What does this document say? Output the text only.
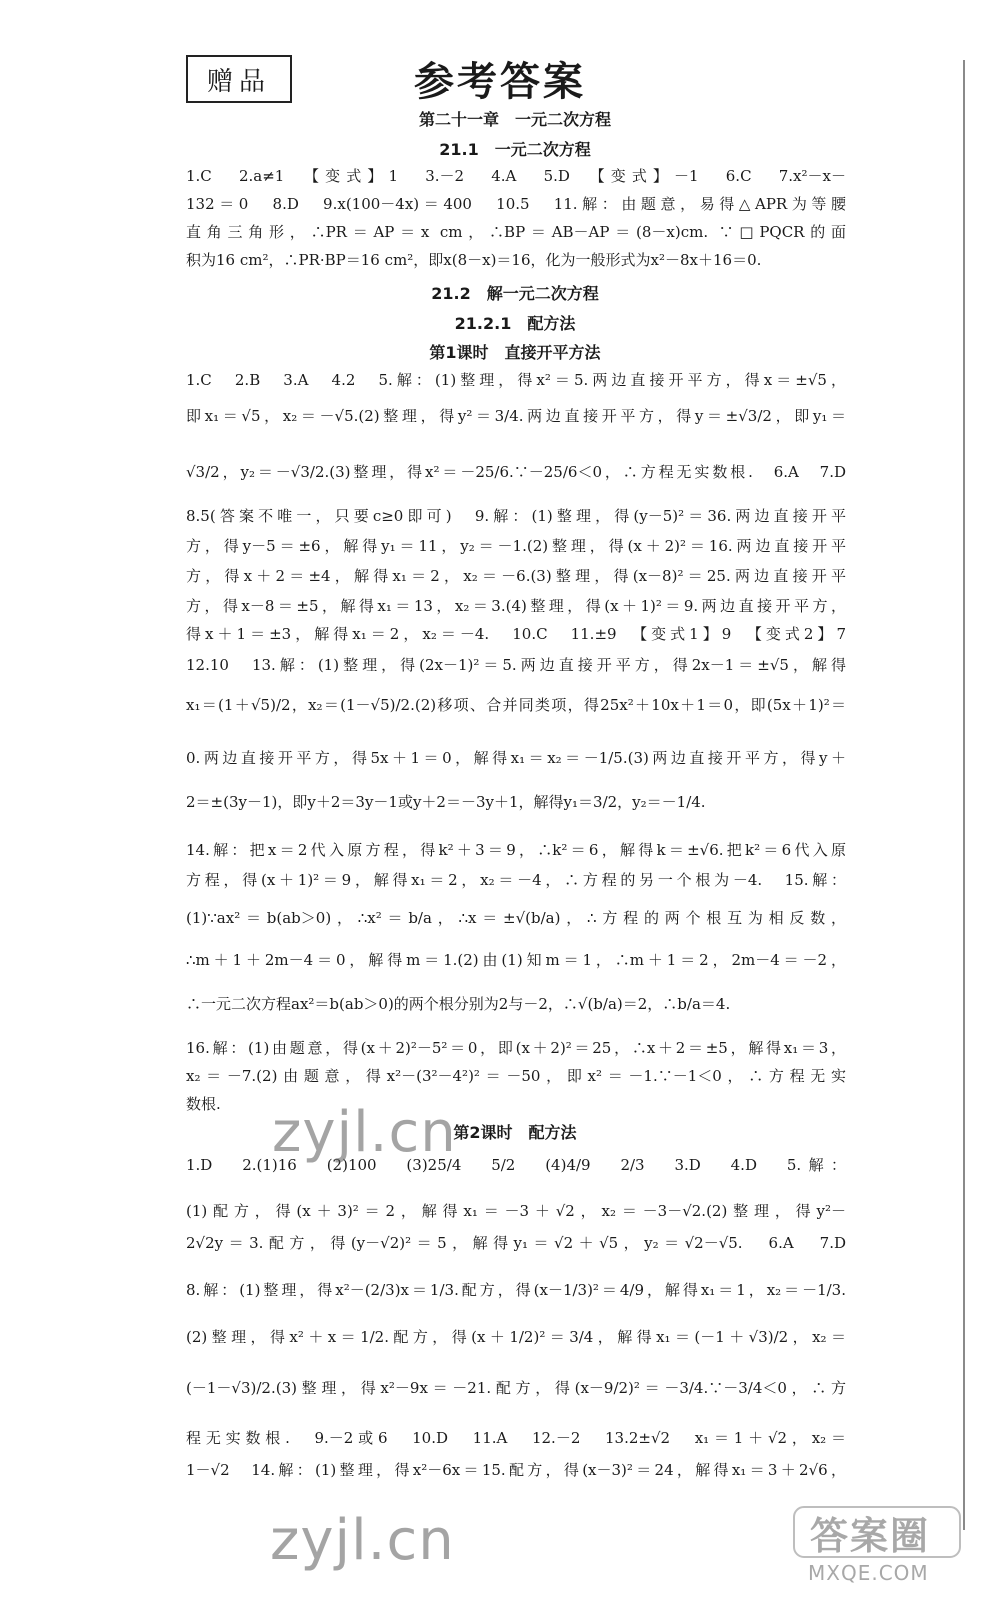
赠品	参考答案
第二十一章　一元二次方程
21.1　一元二次方程
1.C　2.a≠1　【变式】1　3.－2　4.A　5.D　【变式】－1　6.C　7.x²－x－
132＝0　8.D　9.x(100－4x)＝400　10.5　11.解：由题意，易得△APR为等腰
直角三角形，∴PR＝AP＝x cm，∴BP＝AB－AP＝(8－x)cm. ∵□PQCR的面
积为16 cm²，∴PR·BP＝16 cm²，即x(8－x)＝16，化为一般形式为x²－8x＋16＝0.
21.2　解一元二次方程
21.2.1　配方法
第1课时　直接开平方法
1.C　2.B　3.A　4.2　5.解：(1)整理，得x²＝5.两边直接开平方，得x＝±√5，
即x₁＝√5，x₂＝－√5.(2)整理，得y²＝3/4.两边直接开平方，得y＝±√3/2，即y₁＝
√3/2，y₂＝－√3/2.(3)整理，得x²＝－25/6.∵－25/6＜0，∴方程无实数根.　6.A　7.D
8.5(答案不唯一，只要c≥0即可)　9.解：(1)整理，得(y－5)²＝36.两边直接开平
方，得y－5＝±6，解得y₁＝11，y₂＝－1.(2)整理，得(x＋2)²＝16.两边直接开平
方，得x＋2＝±4，解得x₁＝2，x₂＝－6.(3)整理，得(x－8)²＝25.两边直接开平
方，得x－8＝±5，解得x₁＝13，x₂＝3.(4)整理，得(x＋1)²＝9.两边直接开平方，
得x＋1＝±3，解得x₁＝2，x₂＝－4.　10.C　11.±9　【变式1】9　【变式2】7
12.10　13.解：(1)整理，得(2x－1)²＝5.两边直接开平方，得2x－1＝±√5，解得
x₁＝(1＋√5)/2，x₂＝(1－√5)/2.(2)移项、合并同类项，得25x²＋10x＋1＝0，即(5x＋1)²＝
0.两边直接开平方，得5x＋1＝0，解得x₁＝x₂＝－1/5.(3)两边直接开平方，得y＋
2＝±(3y－1)，即y＋2＝3y－1或y＋2＝－3y＋1，解得y₁＝3/2，y₂＝－1/4.
14.解：把x＝2代入原方程，得k²＋3＝9，∴k²＝6，解得k＝±√6.把k²＝6代入原
方程，得(x＋1)²＝9，解得x₁＝2，x₂＝－4，∴方程的另一个根为－4.　15.解：
(1)∵ax²＝b(ab＞0)，∴x²＝b/a，∴x＝±√(b/a)，∴方程的两个根互为相反数，
∴m＋1＋2m－4＝0，解得m＝1.(2)由(1)知m＝1，∴m＋1＝2，2m－4＝－2，
∴一元二次方程ax²＝b(ab＞0)的两个根分别为2与－2，∴√(b/a)＝2，∴b/a＝4.
16.解：(1)由题意，得(x＋2)²－5²＝0，即(x＋2)²＝25，∴x＋2＝±5，解得x₁＝3，
x₂＝－7.(2)由题意，得x²－(3²－4²)²＝－50，即x²＝－1.∵－1＜0，∴方程无实
数根.
第2课时　配方法
1.D　2.(1)16　(2)100　(3)25/4　5/2　(4)4/9　2/3　3.D　4.D　5.解：
(1)配方，得(x＋3)²＝2，解得x₁＝－3＋√2，x₂＝－3－√2.(2)整理，得y²－
2√2y＝3.配方，得(y－√2)²＝5，解得y₁＝√2＋√5，y₂＝√2－√5.　6.A　7.D
8.解：(1)整理，得x²－(2/3)x＝1/3.配方，得(x－1/3)²＝4/9，解得x₁＝1，x₂＝－1/3.
(2)整理，得x²＋x＝1/2.配方，得(x＋1/2)²＝3/4，解得x₁＝(－1＋√3)/2，x₂＝
(－1－√3)/2.(3)整理，得x²－9x＝－21.配方，得(x－9/2)²＝－3/4.∵－3/4＜0，∴方
程无实数根.　9.－2或6　10.D　11.A　12.－2　13.2±√2　x₁＝1＋√2，x₂＝
1－√2　14.解：(1)整理，得x²－6x＝15.配方，得(x－3)²＝24，解得x₁＝3＋2√6，
zyjl.cn
zyjl.cn	答案圈
MXQE.COM
